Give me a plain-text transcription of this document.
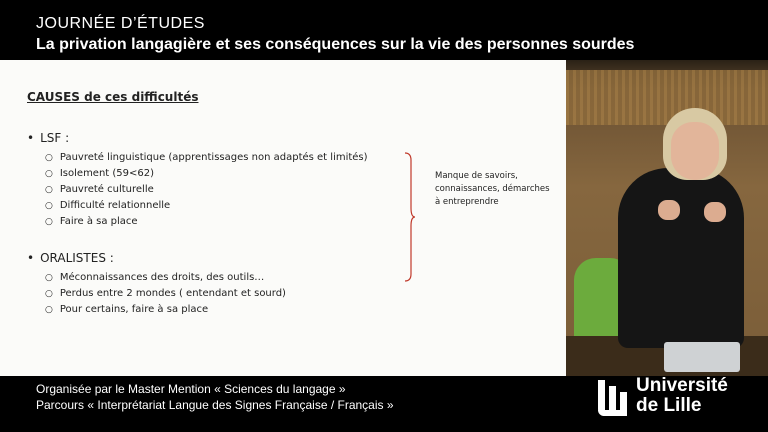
JOURNÉE D’ÉTUDES
La privation langagière et ses conséquences sur la vie des personnes sourdes
CAUSES de ces difficultés
• LSF :
○ Pauvreté linguistique (apprentissages non adaptés et limités)
○ Isolement (59<62)
○ Pauvreté culturelle
○ Difficulté relationnelle
○ Faire à sa place
• ORALISTES :
○ Méconnaissances des droits, des outils…
○ Perdus entre 2 mondes ( entendant et sourd)
○ Pour certains, faire à sa place
Manque de savoirs,
connaissances, démarches
à entreprendre
Organisée par le Master Mention « Sciences du langage »
Parcours « Interprétariat Langue des Signes Française / Français »
Université
de Lille
